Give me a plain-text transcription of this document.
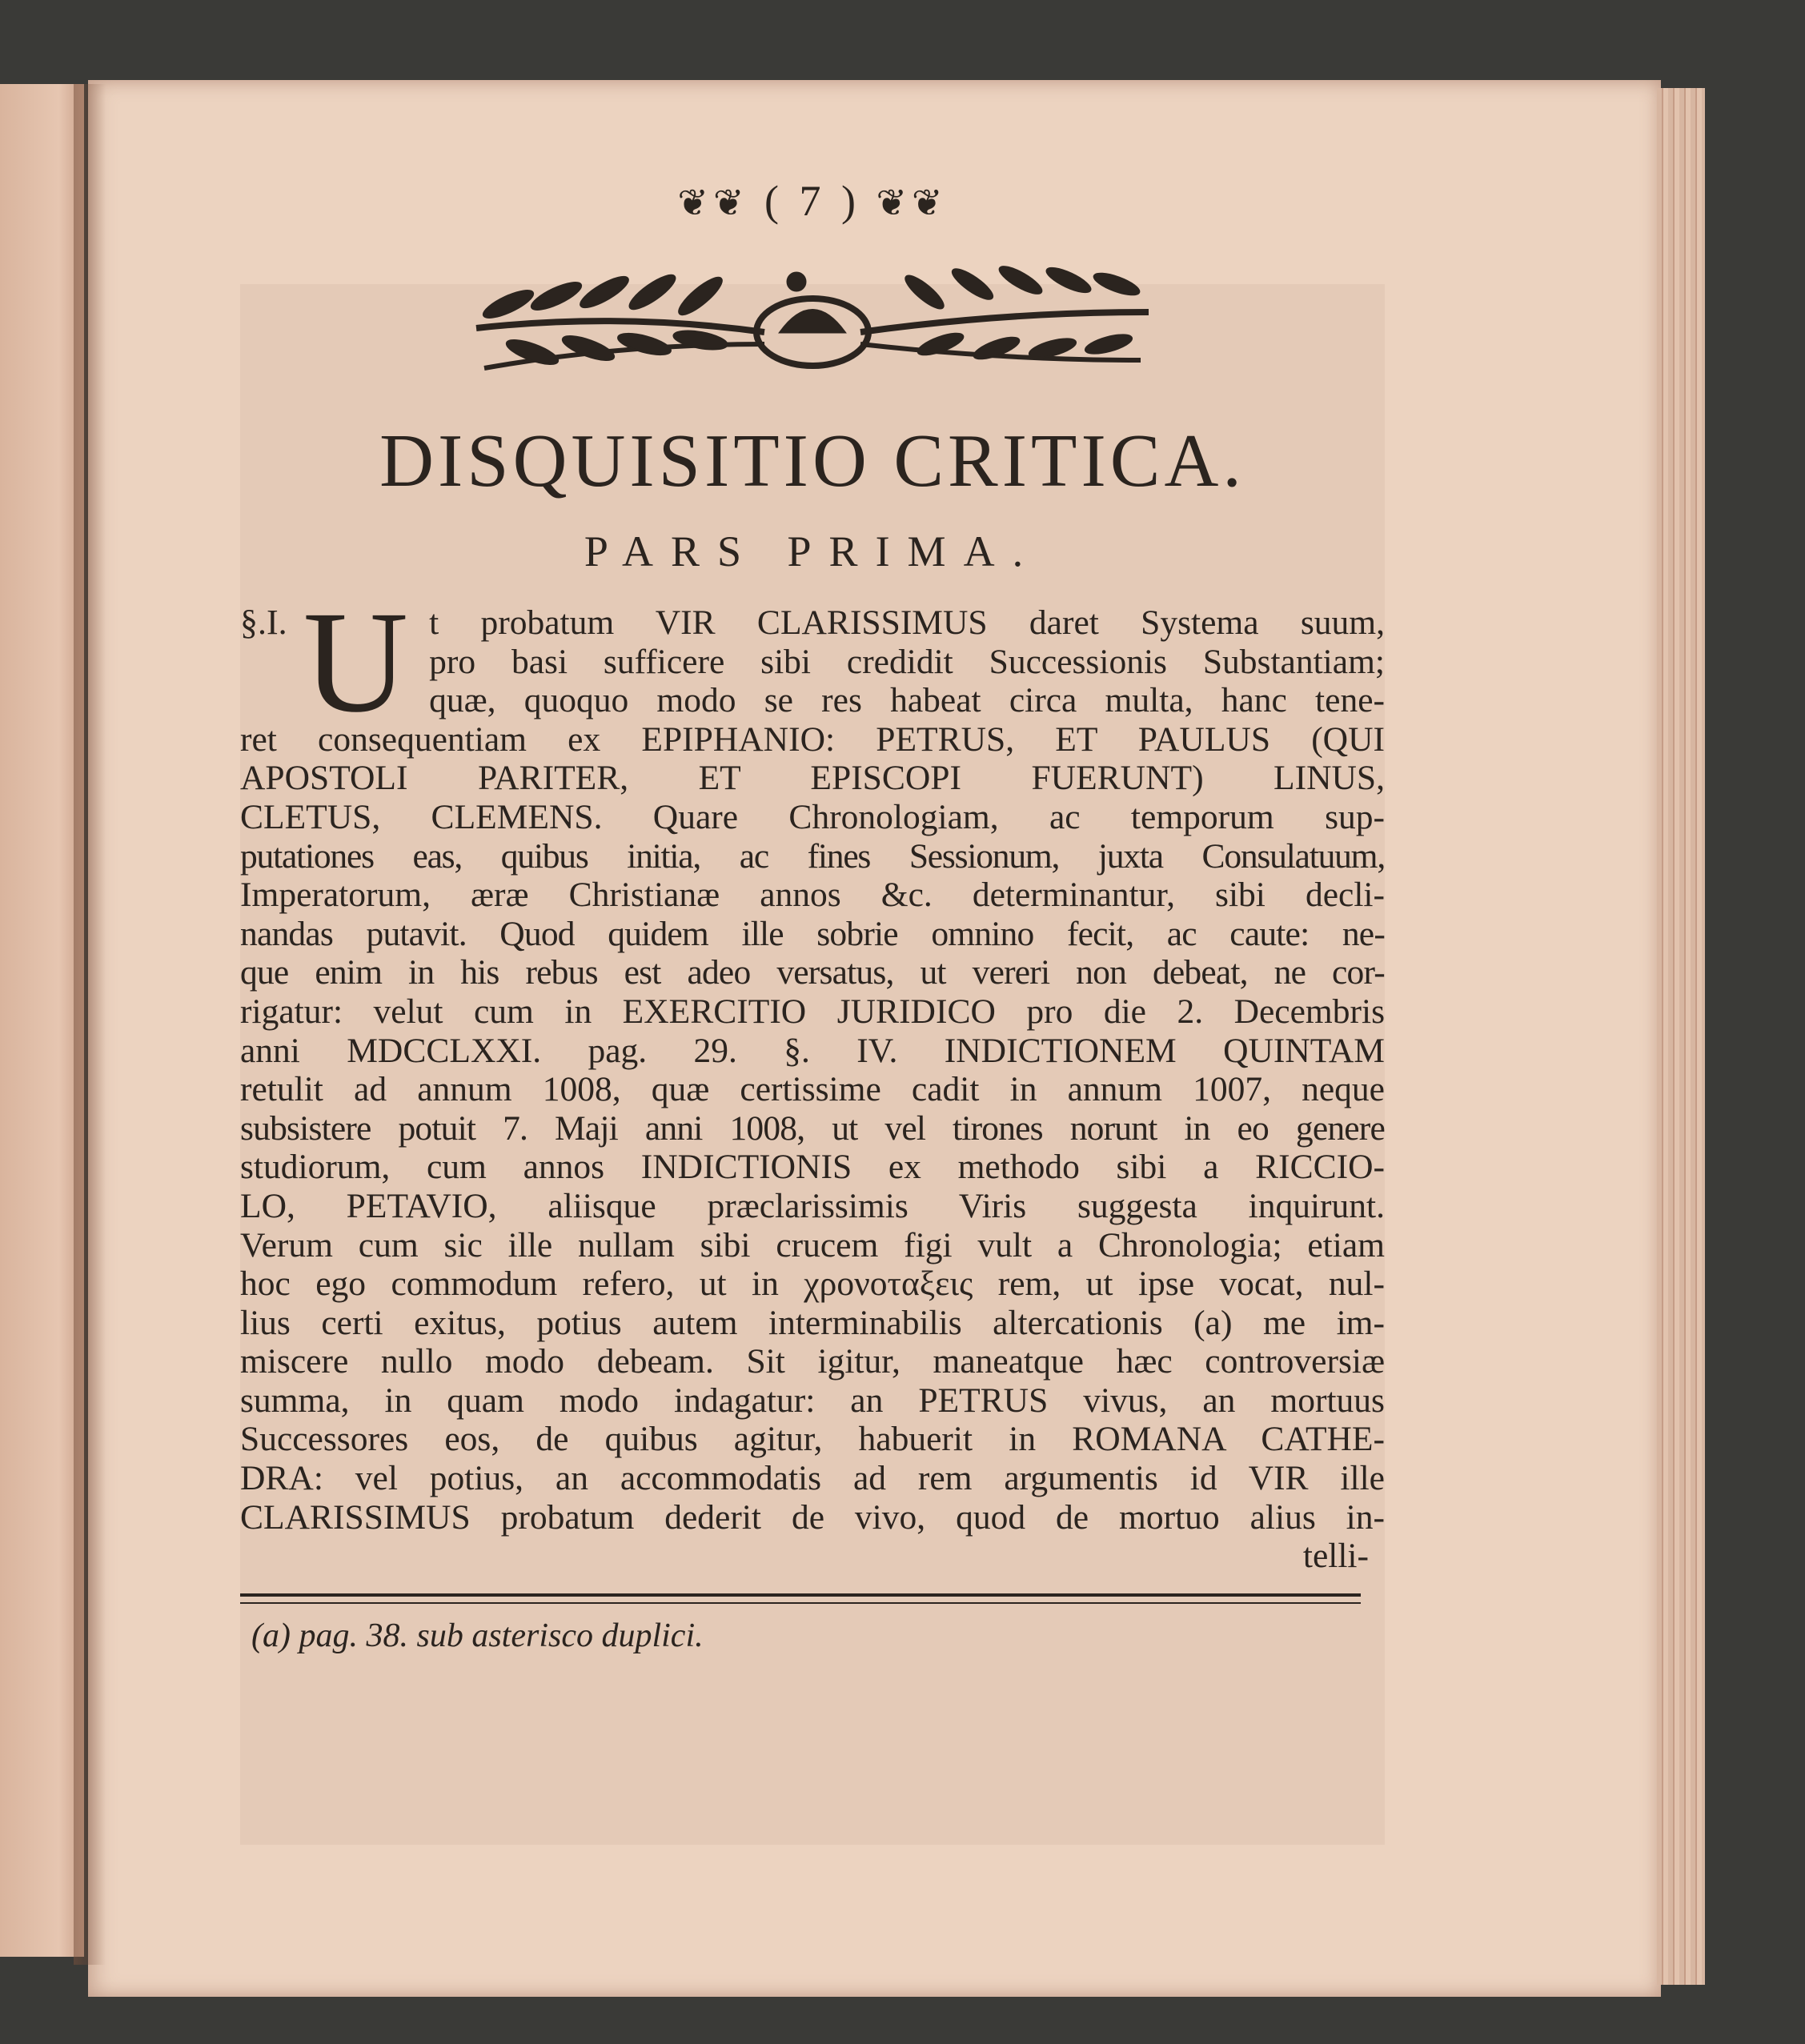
❦❦ ( 7 ) ❦❦
DISQUISITIO CRITICA.
PARS PRIMA.
§.I. U t probatum VIR CLARISSIMUS daret Systema suum,
pro basi sufficere sibi credidit Successionis Substantiam;
quæ, quoquo modo se res habeat circa multa, hanc tene-
ret consequentiam ex EPIPHANIO: PETRUS, ET PAULUS (QUI
APOSTOLI PARITER, ET EPISCOPI FUERUNT) LINUS,
CLETUS, CLEMENS. Quare Chronologiam, ac temporum sup-
putationes eas, quibus initia, ac fines Sessionum, juxta Consulatuum,
Imperatorum, æræ Christianæ annos &c. determinantur, sibi decli-
nandas putavit. Quod quidem ille sobrie omnino fecit, ac caute: ne-
que enim in his rebus est adeo versatus, ut vereri non debeat, ne cor-
rigatur: velut cum in EXERCITIO JURIDICO pro die 2. Decembris
anni MDCCLXXI. pag. 29. §. IV. INDICTIONEM QUINTAM
retulit ad annum 1008, quæ certissime cadit in annum 1007, neque
subsistere potuit 7. Maji anni 1008, ut vel tirones norunt in eo genere
studiorum, cum annos INDICTIONIS ex methodo sibi a RICCIO-
LO, PETAVIO, aliisque præclarissimis Viris suggesta inquirunt.
Verum cum sic ille nullam sibi crucem figi vult a Chronologia; etiam
hoc ego commodum refero, ut in χρονοταξεις rem, ut ipse vocat, nul-
lius certi exitus, potius autem interminabilis altercationis (a) me im-
miscere nullo modo debeam. Sit igitur, maneatque hæc controversiæ
summa, in quam modo indagatur: an PETRUS vivus, an mortuus
Successores eos, de quibus agitur, habuerit in ROMANA CATHE-
DRA: vel potius, an accommodatis ad rem argumentis id VIR ille
CLARISSIMUS probatum dederit de vivo, quod de mortuo alius in-
telli-
(a) pag. 38. sub asterisco duplici.
